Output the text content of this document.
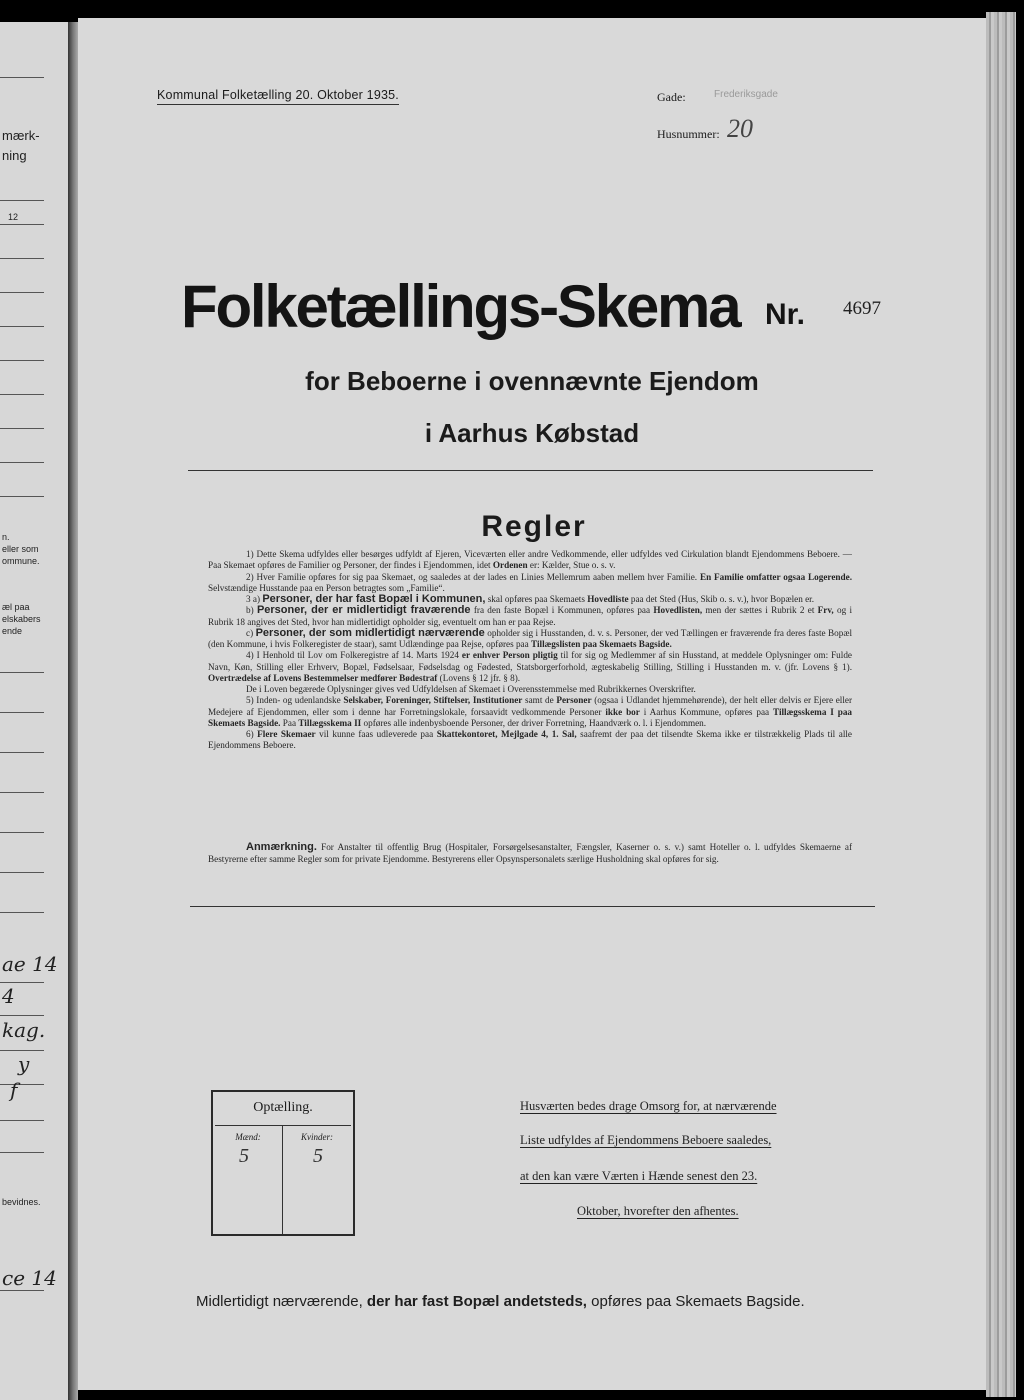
mærk-
ning
12
n.
eller som
ommune.
æl paa
elskabers
ende
ae 14
4
kag.
y
f
bevidnes.
ce 14
Kommunal Folketælling 20. Oktober 1935.	Gade:	Frederiksgade
Husnummer: 20
Folketællings-Skema Nr. 4697
for Beboerne i ovennævnte Ejendom
i Aarhus Købstad
Regler

1) Dette Skema udfyldes eller besørges udfyldt af Ejeren, Viceværten eller andre Vedkommende, eller udfyldes ved Cirkulation blandt Ejendommens Beboere. — Paa Skemaet opføres de Familier og Personer, der findes i Ejendommen, idet Ordenen er: Kælder, Stue o. s. v.

2) Hver Familie opføres for sig paa Skemaet, og saaledes at der lades en Linies Mellemrum aaben mellem hver Familie. En Familie omfatter ogsaa Logerende. Selvstændige Husstande paa en Person betragtes som „Familie“.

3 a) Personer, der har fast Bopæl i Kommunen, skal opføres paa Skemaets Hovedliste paa det Sted (Hus, Skib o. s. v.), hvor Bopælen er.

b) Personer, der er midlertidigt fraværende fra den faste Bopæl i Kommunen, opføres paa Hovedlisten, men der sættes i Rubrik 2 et Frv, og i Rubrik 18 angives det Sted, hvor han midlertidigt opholder sig, eventuelt om han er paa Rejse.

c) Personer, der som midlertidigt nærværende opholder sig i Husstanden, d. v. s. Personer, der ved Tællingen er fraværende fra deres faste Bopæl (den Kommune, i hvis Folkeregister de staar), samt Udlændinge paa Rejse, opføres paa Tillægslisten paa Skemaets Bagside.

4) I Henhold til Lov om Folkeregistre af 14. Marts 1924 er enhver Person pligtig til for sig og Medlemmer af sin Husstand, at meddele Oplysninger om: Fulde Navn, Køn, Stilling eller Erhverv, Bopæl, Fødselsaar, Fødselsdag og Fødested, Statsborgerforhold, ægteskabelig Stilling, Stilling i Husstanden m. v. (jfr. Lovens § 1). Overtrædelse af Lovens Bestemmelser medfører Bødestraf (Lovens § 12 jfr. § 8).

De i Loven begærede Oplysninger gives ved Udfyldelsen af Skemaet i Overensstemmelse med Rubrikkernes Overskrifter.

5) Inden- og udenlandske Selskaber, Foreninger, Stiftelser, Institutioner samt de Personer (ogsaa i Udlandet hjemmehørende), der helt eller delvis er Ejere eller Medejere af Ejendommen, eller som i denne har Forretningslokale, forsaavidt vedkommende Personer ikke bor i Aarhus Kommune, opføres paa Tillægsskema I paa Skemaets Bagside. Paa Tillægsskema II opføres alle indenbysboende Personer, der driver Forretning, Haandværk o. l. i Ejendommen.

6) Flere Skemaer vil kunne faas udleverede paa Skattekontoret, Mejlgade 4, 1. Sal, saafremt der paa det tilsendte Skema ikke er tilstrækkelig Plads til alle Ejendommens Beboere.

Anmærkning. For Anstalter til offentlig Brug (Hospitaler, Forsørgelsesanstalter, Fængsler, Kaserner o. s. v.) samt Hoteller o. l. udfyldes Skemaerne af Bestyrerne efter samme Regler som for private Ejendomme. Bestyrerens eller Opsynspersonalets særlige Husholdning skal opføres for sig.

Optælling.
Mænd:	Kvinder:
5	5
Husværten bedes drage Omsorg for, at nærværende
Liste udfyldes af Ejendommens Beboere saaledes,
at den kan være Værten i Hænde senest den 23.
Oktober, hvorefter den afhentes.
Midlertidigt nærværende, der har fast Bopæl andetsteds, opføres paa Skemaets Bagside.
